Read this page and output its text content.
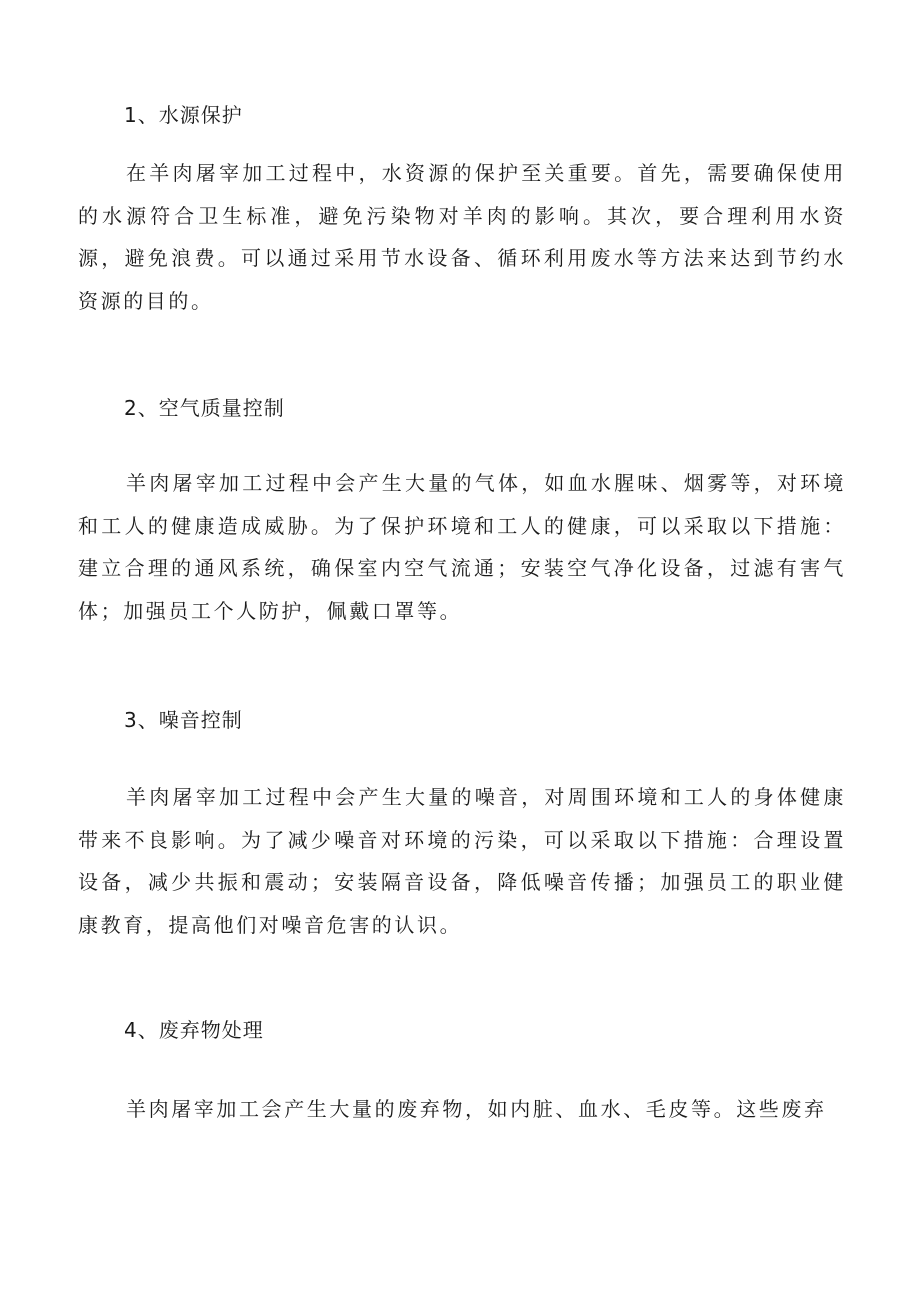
1、水源保护

在羊肉屠宰加工过程中，水资源的保护至关重要。首先，需要确保使用的水源符合卫生标准，避免污染物对羊肉的影响。其次，要合理利用水资源，避免浪费。可以通过采用节水设备、循环利用废水等方法来达到节约水资源的目的。

2、空气质量控制

羊肉屠宰加工过程中会产生大量的气体，如血水腥味、烟雾等，对环境和工人的健康造成威胁。为了保护环境和工人的健康，可以采取以下措施：建立合理的通风系统，确保室内空气流通；安装空气净化设备，过滤有害气体；加强员工个人防护，佩戴口罩等。

3、噪音控制

羊肉屠宰加工过程中会产生大量的噪音，对周围环境和工人的身体健康带来不良影响。为了减少噪音对环境的污染，可以采取以下措施：合理设置设备，减少共振和震动；安装隔音设备，降低噪音传播；加强员工的职业健康教育，提高他们对噪音危害的认识。

4、废弃物处理

羊肉屠宰加工会产生大量的废弃物，如内脏、血水、毛皮等。这些废弃
